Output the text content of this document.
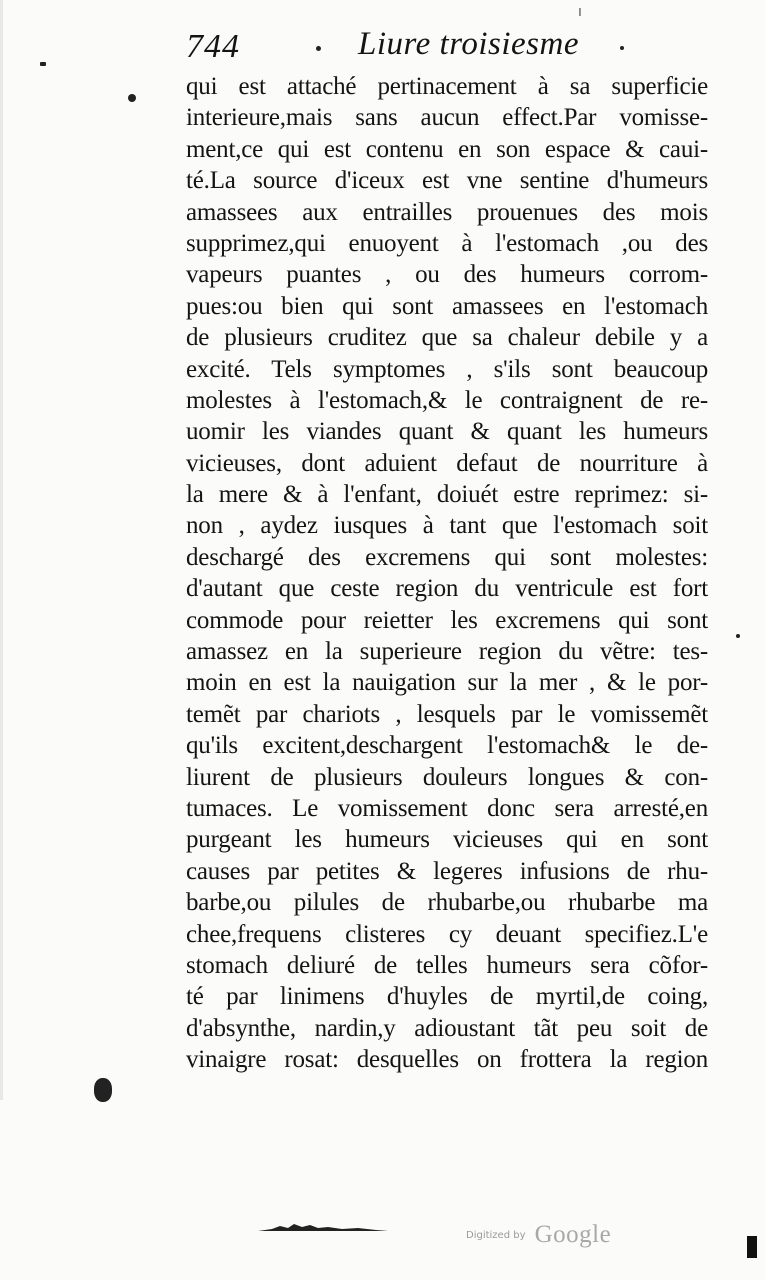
744	Liure troisiesme
ı
qui est attaché pertinacement à sa superficie
interieure,mais sans aucun effect.Par vomisse-
ment,ce qui est contenu en son espace & caui-
té.La source d'iceux est vne sentine d'humeurs
amassees aux entrailles prouenues des mois
supprimez,qui enuoyent à l'estomach ,ou des
vapeurs puantes , ou des humeurs corrom-
pues:ou bien qui sont amassees en l'estomach
de plusieurs cruditez que sa chaleur debile y a
excité. Tels symptomes , s'ils sont beaucoup
molestes à l'estomach,& le contraignent de re-
uomir les viandes quant & quant les humeurs
vicieuses, dont aduient defaut de nourriture à
la mere & à l'enfant, doiuét estre reprimez: si-
non , aydez iusques à tant que l'estomach soit
deschargé des excremens qui sont molestes:
d'autant que ceste region du ventricule est fort
commode pour reietter les excremens qui sont
amassez en la superieure region du vẽtre: tes-
moin en est la nauigation sur la mer , & le por-
temẽt par chariots , lesquels par le vomissemẽt
qu'ils excitent,deschargent l'estomach& le de-
liurent de plusieurs douleurs longues & con-
tumaces. Le vomissement donc sera arresté,en
purgeant les humeurs vicieuses qui en sont
causes par petites & legeres infusions de rhu-
barbe,ou pilules de rhubarbe,ou rhubarbe ma
chee,frequens clisteres cy deuant specifiez.L'e
stomach deliuré de telles humeurs sera cõfor-
té par linimens d'huyles de myrtil,de coing,
d'absynthe, nardin,y adioustant tãt peu soit de
vinaigre rosat: desquelles on frottera la region
Digitized by Google
